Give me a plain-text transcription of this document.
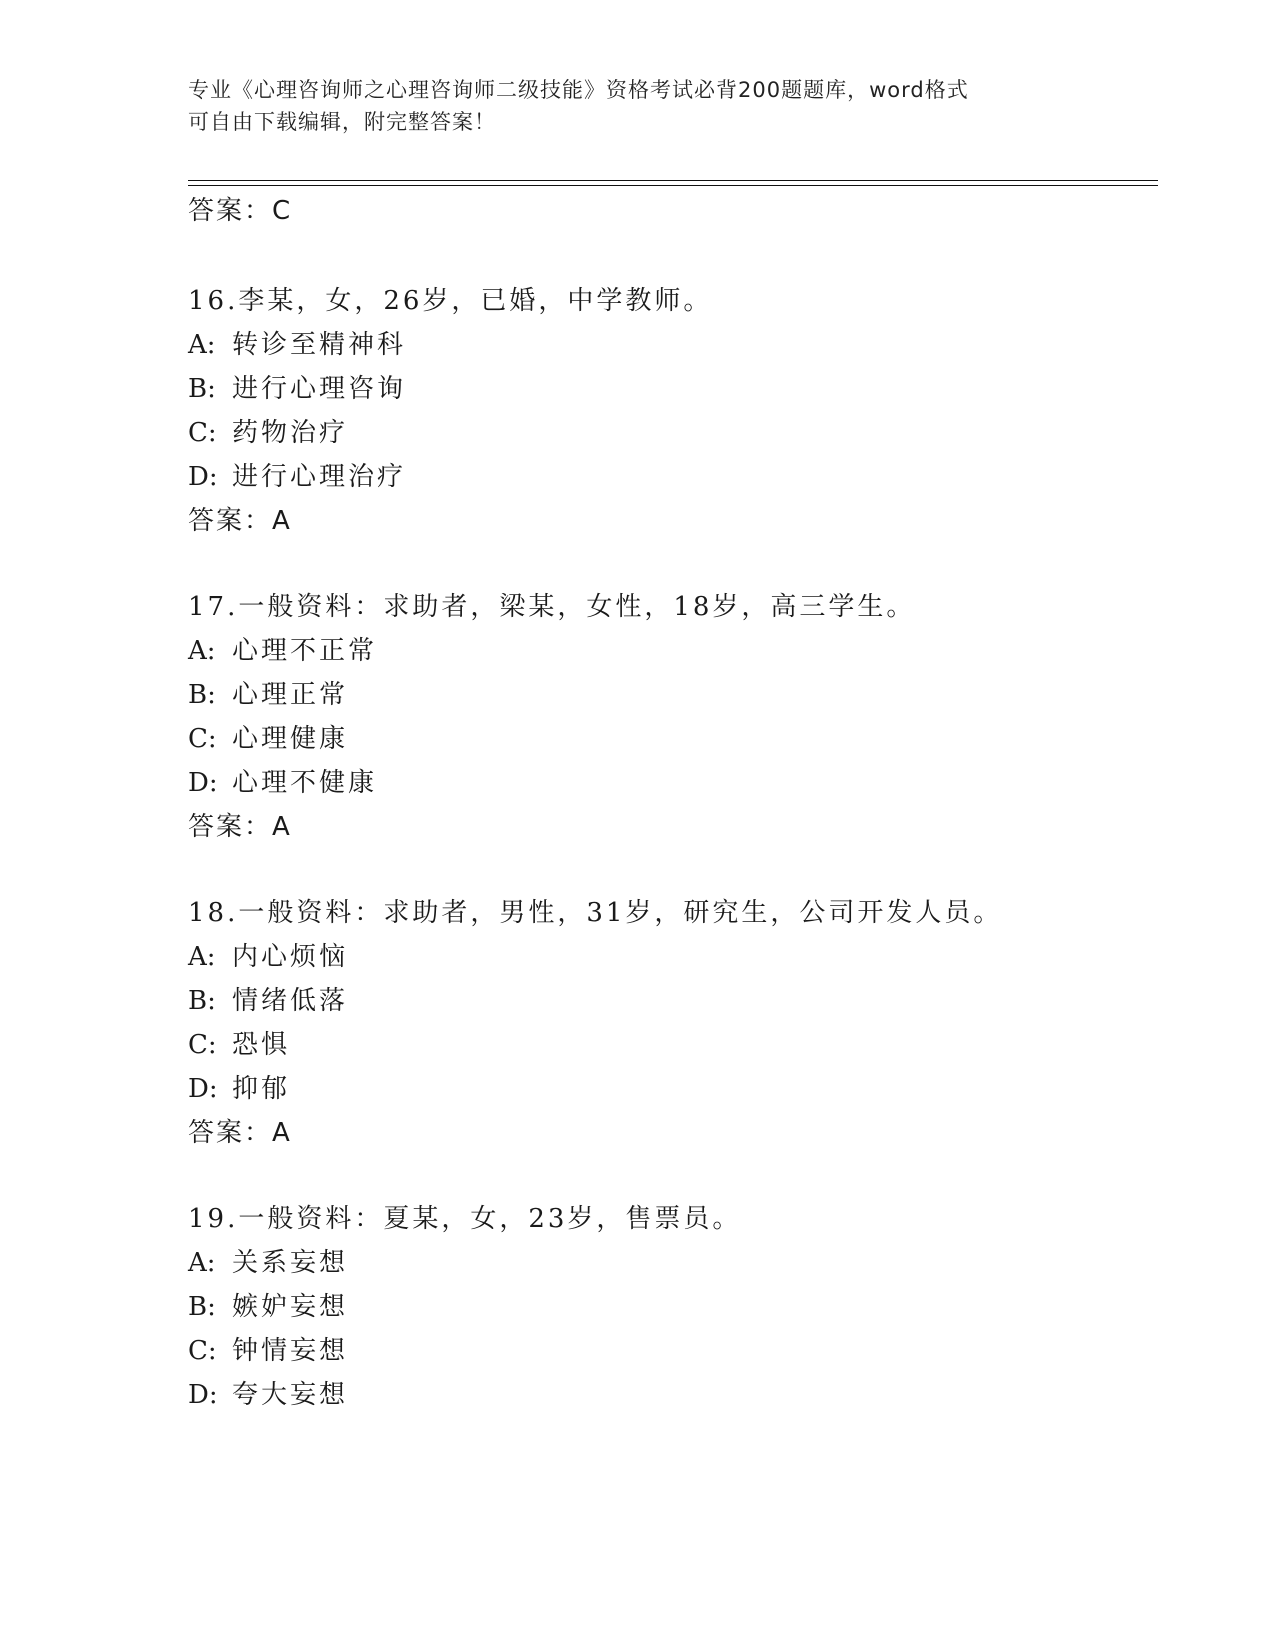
专业《心理咨询师之心理咨询师二级技能》资格考试必背200题题库，word格式
可自由下载编辑，附完整答案！
答案：C
16.李某，女，26岁，已婚，中学教师。
A: 转诊至精神科
B: 进行心理咨询
C: 药物治疗
D: 进行心理治疗
答案：A
17.一般资料：求助者，梁某，女性，18岁，高三学生。
A: 心理不正常
B: 心理正常
C: 心理健康
D: 心理不健康
答案：A
18.一般资料：求助者，男性，31岁，研究生，公司开发人员。
A: 内心烦恼
B: 情绪低落
C: 恐惧
D: 抑郁
答案：A
19.一般资料：夏某，女，23岁，售票员。
A: 关系妄想
B: 嫉妒妄想
C: 钟情妄想
D: 夸大妄想
